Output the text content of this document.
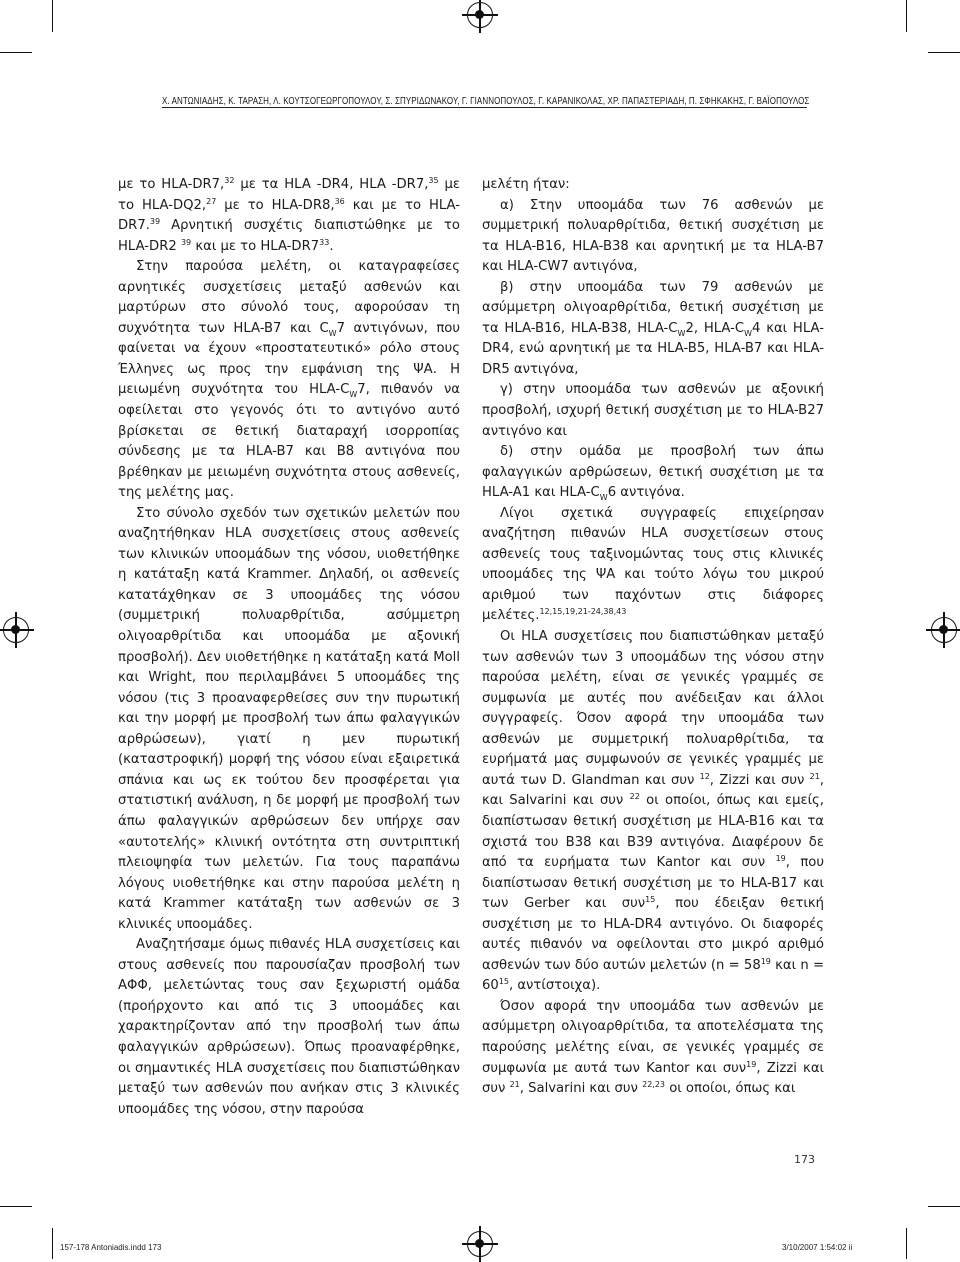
Χ. ΑΝΤΩΝΙΑΔΗΣ, Κ. ΤΑΡΑΣΗ, Λ. ΚΟΥΤΣΟΓΕΩΡΓΟΠΟΥΛΟΥ, Σ. ΣΠΥΡΙΔΩΝΑΚΟΥ, Γ. ΓΙΑΝΝΟΠΟΥΛΟΣ, Γ. ΚΑΡΑΝΙΚΟΛΑΣ, ΧΡ. ΠΑΠΑΣΤΕΡΙΑΔΗ, Π. ΣΦΗΚΑΚΗΣ, Γ. ΒΑΪΟΠΟΥΛΟΣ

με το HLA-DR7,32 με τα HLA -DR4, HLA -DR7,35 με το HLA-DQ2,27 με το HLA-DR8,36 και με το HLA-DR7.39 Αρνητική συσχέτις διαπιστώθηκε με το HLA-DR2 $^{39}$ και με το HLA-$DR7^{33}$.

Στην παρούσα μελέτη, οι καταγραφείσες αρνητικές συσχετίσεις μεταξύ ασθενών και μαρτύρων στο σύνολό τους, αφορούσαν τη συχνότητα των HLA-B7 και $C_W7$ αντιγόνων, που φαίνεται να έχουν «προστατευτικό» ρόλο στους Έλληνες ως προς την εμφάνιση της ΨΑ. Η μειωμένη συχνότητα του HLA-$C_W7$, πιθανόν να οφείλεται στο γεγονός ότι το αντιγόνο αυτό βρίσκεται σε θετική διαταραχή ισορροπίας σύνδεσης με τα HLA-B7 και B8 αντιγόνα που βρέθηκαν με μειωμένη συχνότητα στους ασθενείς, της μελέτης μας.

Στο σύνολο σχεδόν των σχετικών μελετών που αναζητήθηκαν HLA συσχετίσεις στους ασθενείς των κλινικών υποομάδων της νόσου, υιοθετήθηκε η κατάταξη κατά Krammer. Δηλαδή, οι ασθενείς κατατάχθηκαν σε 3 υποομάδες της νόσου (συμμετρική πολυαρθρίτιδα, ασύμμετρη ολιγοαρθρίτιδα και υποομάδα με αξονική προσβολή). Δεν υιοθετήθηκε η κατάταξη κατά Moll και Wright, που περιλαμβάνει 5 υποομάδες της νόσου (τις 3 προαναφερθείσες συν την πυρωτική και την μορφή με προσβολή των άπω φαλαγγικών αρθρώσεων), γιατί η μεν πυρωτική (καταστροφική) μορφή της νόσου είναι εξαιρετικά σπάνια και ως εκ τούτου δεν προσφέρεται για στατιστική ανάλυση, η δε μορφή με προσβολή των άπω φαλαγγικών αρθρώσεων δεν υπήρχε σαν «αυτοτελής» κλινική οντότητα στη συντριπτική πλειοψηφία των μελετών. Για τους παραπάνω λόγους υιοθετήθηκε και στην παρούσα μελέτη η κατά Krammer κατάταξη των ασθενών σε 3 κλινικές υποομάδες.

Αναζητήσαμε όμως πιθανές HLA συσχετίσεις και στους ασθενείς που παρουσίαζαν προσβολή των ΑΦΦ, μελετώντας τους σαν ξεχωριστή ομάδα (προήρχοντο και από τις 3 υποομάδες και χαρακτηρίζονταν από την προσβολή των άπω φαλαγγικών αρθρώσεων). Όπως προαναφέρθηκε, οι σημαντικές HLA συσχετίσεις που διαπιστώθηκαν μεταξύ των ασθενών που ανήκαν στις 3 κλινικές υποομάδες της νόσου, στην παρούσα

μελέτη ήταν:

α) Στην υποομάδα των 76 ασθενών με συμμετρική πολυαρθρίτιδα, θετική συσχέτιση με τα HLA-B16, HLA-B38 και αρνητική με τα HLA-B7 και HLA-CW7 αντιγόνα,

β) στην υποομάδα των 79 ασθενών με ασύμμετρη ολιγοαρθρίτιδα, θετική συσχέτιση με τα HLA-B16, HLA-B38, HLA-$C_W2$, HLA-$C_W4$ και HLA-DR4, ενώ αρνητική με τα HLA-B5, HLA-B7 και HLA-DR5 αντιγόνα,

γ) στην υποομάδα των ασθενών με αξονική προσβολή, ισχυρή θετική συσχέτιση με το HLA-B27 αντιγόνο και

δ) στην ομάδα με προσβολή των άπω φαλαγγικών αρθρώσεων, θετική συσχέτιση με τα HLA-A1 και HLA-$C_W6$ αντιγόνα.

Λίγοι σχετικά συγγραφείς επιχείρησαν αναζήτηση πιθανών HLA συσχετίσεων στους ασθενείς τους ταξινομώντας τους στις κλινικές υποομάδες της ΨΑ και τούτο λόγω του μικρού αριθμού των παχόντων στις διάφορες μελέτες.$^{12,15,19,21-24,38,43}$

Οι HLA συσχετίσεις που διαπιστώθηκαν μεταξύ των ασθενών των 3 υποομάδων της νόσου στην παρούσα μελέτη, είναι σε γενικές γραμμές σε συμφωνία με αυτές που ανέδειξαν και άλλοι συγγραφείς. Όσον αφορά την υποομάδα των ασθενών με συμμετρική πολυαρθρίτιδα, τα ευρήματά μας συμφωνούν σε γενικές γραμμές με αυτά των D. Glandman και συν $^{12}$, Zizzi και συν $^{21}$, και Salvarini και συν $^{22}$ οι οποίοι, όπως και εμείς, διαπίστωσαν θετική συσχέτιση με HLA-B16 και τα σχιστά του B38 και B39 αντιγόνα. Διαφέρουν δε από τα ευρήματα των Kantor και συν $^{19}$, που διαπίστωσαν θετική συσχέτιση με το HLA-B17 και των Gerber και συν$^{15}$, που έδειξαν θετική συσχέτιση με το HLA-DR4 αντιγόνο. Οι διαφορές αυτές πιθανόν να οφείλονται στο μικρό αριθμό ασθενών των δύο αυτών μελετών ($n = 58^{19}$ και $n = 60^{15}$, αντίστοιχα).

Όσον αφορά την υποομάδα των ασθενών με ασύμμετρη ολιγοαρθρίτιδα, τα αποτελέσματα της παρούσης μελέτης είναι, σε γενικές γραμμές σε συμφωνία με αυτά των Kantor και συν$^{19}$, Zizzi και συν $^{21}$, Salvarini και συν $^{22,23}$ οι οποίοι, όπως και

173
157-178 Antoniadis.indd 173	3/10/2007 1:54:02 ii
